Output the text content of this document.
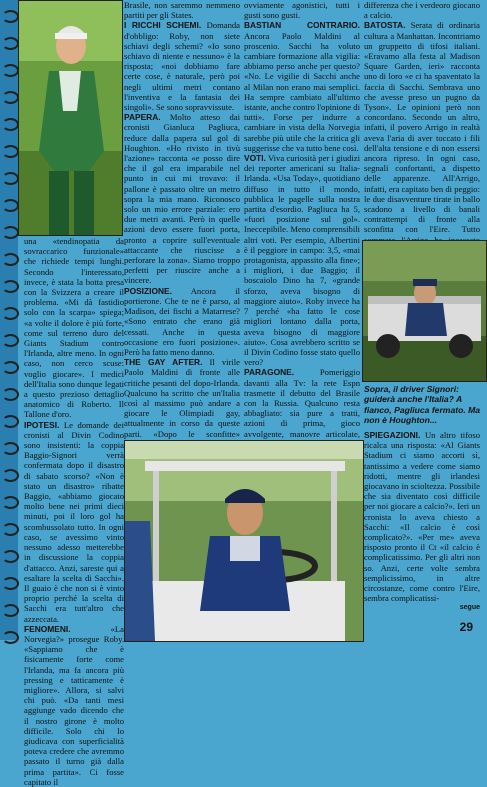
una «tendinopatia da sovraccarico funzionale» che richiede tempi lunghi. Secondo l'interessato, invece, è stata la botta presa con la Svizzera a creare il problema. «Mi dà fastidio solo con la scarpa» spiega; «a volte il dolore è più forte, come sul terreno duro del Giants Stadium contro l'Irlanda, altre meno. In ogni caso, non cerco scuse: voglio giocare». I medici dell'Italia sono dunque legati a questo prezioso dettaglio anatomico di Roberto. Il Tallone d'oro.

IPOTESI. Le domande dei cronisti al Divin Codino sono insistenti: la coppia Baggio-Signori verrà confermata dopo il disastro di sabato scorso? «Non è stato un disastro» ribatte Baggio, «abbiamo giocato molto bene nei primi dieci minuti, poi il loro gol ha scombussolato tutto. In ogni caso, se avessimo vinto nessuno adesso metterebbe in discussione la coppia d'attacco. Anzi, sareste qui a esaltare la scelta di Sacchi». Il guaio è che non si è vinto proprio perché la scelta di Sacchi era tutt'altro che azzeccata.

FENOMENI.	«La Norvegia?» prosegue Roby. «Sappiamo che è fisicamente forte come l'Irlanda, ma fa ancora più pressing e tatticamente è migliore». Allora, si salvi chi può. «Da tanti mesi aggiunge vado dicendo che il nostro girone è molto difficile. Solo chi lo giudicava con superficialità poteva credere che avremmo passato il turno già dalla prima partita». Ci fosse capitato il

Brasile, non saremmo nemmeno partiti per gli States.

I RICCHI SCHEMI. Domanda d'obbligo: Roby, non siete schiavi degli schemi? «Io sono schiavo di niente e nessuno» è la risposta; «noi dobbiamo fare certe cose, è naturale, però poi negli ultimi metri contano l'inventiva e la fantasia dei singoli». Se sono sopravvissute.

PAPERA. Molto atteso dai cronisti Gianluca Pagliuca, reduce dalla papera sul gol di Houghton. «Ho rivisto in tivù l'azione» racconta «e posso dire che il gol era imparabile nel punto in cui mi trovavo: il pallone è passato oltre un metro sopra la mia mano. Riconosco solo un mio errore parziale: ero due metri avanti. Però in quelle azioni devo essere fuori porta, pronto a coprire sull'eventuale attaccante che riuscisse a perforare la zona». Siamo troppo perfetti per riuscire anche a vincere.

POSIZIONE. Ancora il portierone. Che te ne è parso, al Madison, dei fischi a Matarrese? «Sono entrato che erano già cessati. Anche in questa occasione ero fuori posizione». Però ha fatto meno danno.

THE GAY AFTER. Il virile Paolo Maldini di fronte alle critiche pesanti del dopo-Irlanda. Qualcuno ha scritto che un'Italia così al massimo può andare a giocare le Olimpiadi gay, attualmente in corso da queste parti. «Dopo le sconfitte»

ovviamente agonistici, tutti i gusti sono gusti.

BASTIAN CONTRARIO. Ancora Paolo Maldini al proscenio. Sacchi ha voluto cambiare formazione alla vigilia: abbiamo perso anche per questo? «No. Le vigilie di Sacchi anche al Milan non erano mai semplici. Ha sempre cambiato all'ultimo istante, anche contro l'opinione di tutti». Forse per indurre a cambiare in vista della Norvegia sarebbe più utile che la critica gli suggerisse che va tutto bene così.

VOTI. Viva curiosità per i giudizi dei reporter americani su Italia-Irlanda. «Usa Today», quotidiano diffuso in tutto il mondo, pubblica le pagelle sulla nostra partita d'esordio. Pagliuca ha 5, «fuori posizione sul gol». Ineccepibile. Meno comprensibili altri voti. Per esempio, Albertini è il peggiore in campo: 3,5, «mai protagonista, appassito alla fine»; i migliori, i due Baggio; il boscaiolo Dino ha 7, «grande sforzo, aveva bisogno di maggiore aiuto». Roby invece ha 7 perché «ha fatto le cose migliori lontano dalla porta, aveva bisogno di maggiore aiuto». Cosa avrebbero scritto se il Divin Codino fosse stato quello vero?

PARAGONE.	Pomeriggio davanti alla Tv: la rete Espn trasmette il debutto del Brasile con la Russia. Qualcuno resta abbagliato: sia pure a tratti, azioni di prima, gioco avvolgente, manovre articolate,

differenza che i verdeoro giocano a calcio.

BATOSTA. Serata di ordinaria cultura a Manhattan. Incontriamo un gruppetto di tifosi italiani. «Eravamo alla festa al Madison Square Garden, ieri» racconta uno di loro «e ci ha spaventato la faccia di Sacchi. Sembrava uno che avesse preso un pugno da Tyson». Le opinioni però non concordano. Secondo un altro, infatti, il povero Arrigo in realtà aveva l'aria di aver toccato i fili dell'alta tensione e di non essersi ancora ripreso. In ogni caso, segnali confortanti, a dispetto delle apparenze. All'Arrigo, infatti, era capitato ben di peggio: le due disavventure tirate in ballo scadono a livello di banali contrattempi di fronte alla sconfitta con l'Eire. Tutto

Sopra, il driver Signori: guiderà anche l'Italia? A fianco, Pagliuca fermato. Ma non è Houghton...

SPIEGAZIONI. Un altro tifoso ricalca una risposta: «Al Giants Stadium ci siamo accorti sì, tantissimo a vedere come siamo ridotti, mentre gli irlandesi giocavano in scioltezza. Possibile che sia diventato così difficile per noi giocare a calcio?». Ieri un cronista lo aveva chiesto a Sacchi: «Il calcio è così complicato?». «Per me» aveva risposto pronto il Ct «il calcio è complicatissimo. Per gli altri non so. Anzi, certe volte sembra semplicissimo, in altre circostanze, come contro l'Eire, sembra complicatissi-

segue

29
